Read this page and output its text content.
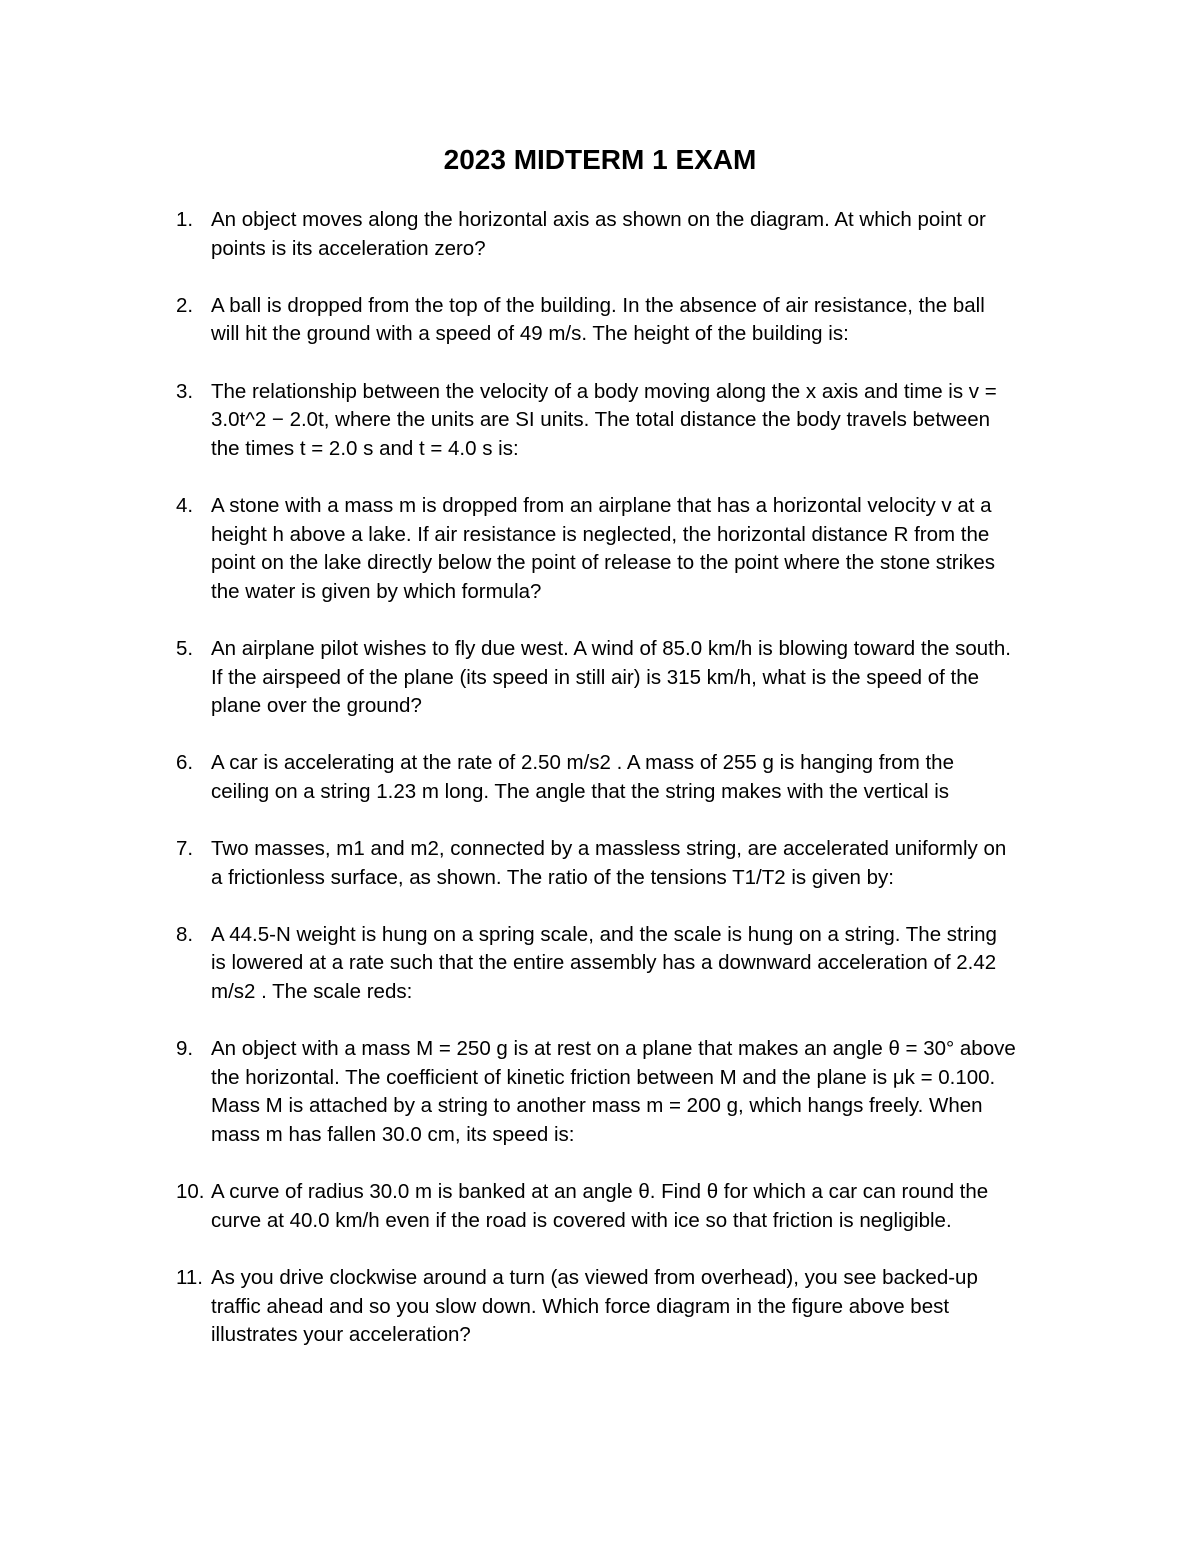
2023 MIDTERM 1 EXAM
1. An object moves along the horizontal axis as shown on the diagram. At which point or
points is its acceleration zero?
2. A ball is dropped from the top of the building. In the absence of air resistance, the ball
will hit the ground with a speed of 49 m/s. The height of the building is:
3. The relationship between the velocity of a body moving along the x axis and time is v =
3.0t^2 − 2.0t, where the units are SI units. The total distance the body travels between
the times t = 2.0 s and t = 4.0 s is:
4. A stone with a mass m is dropped from an airplane that has a horizontal velocity v at a
height h above a lake. If air resistance is neglected, the horizontal distance R from the
point on the lake directly below the point of release to the point where the stone strikes
the water is given by which formula?
5. An airplane pilot wishes to fly due west. A wind of 85.0 km/h is blowing toward the south.
If the airspeed of the plane (its speed in still air) is 315 km/h, what is the speed of the
plane over the ground?
6. A car is accelerating at the rate of 2.50 m/s2 . A mass of 255 g is hanging from the
ceiling on a string 1.23 m long. The angle that the string makes with the vertical is
7. Two masses, m1 and m2, connected by a massless string, are accelerated uniformly on
a frictionless surface, as shown. The ratio of the tensions T1/T2 is given by:
8. A 44.5-N weight is hung on a spring scale, and the scale is hung on a string. The string
is lowered at a rate such that the entire assembly has a downward acceleration of 2.42
m/s2 . The scale reds:
9. An object with a mass M = 250 g is at rest on a plane that makes an angle θ = 30° above
the horizontal. The coefficient of kinetic friction between M and the plane is μk = 0.100.
Mass M is attached by a string to another mass m = 200 g, which hangs freely. When
mass m has fallen 30.0 cm, its speed is:
10. A curve of radius 30.0 m is banked at an angle θ. Find θ for which a car can round the
curve at 40.0 km/h even if the road is covered with ice so that friction is negligible.
11. As you drive clockwise around a turn (as viewed from overhead), you see backed-up
traffic ahead and so you slow down. Which force diagram in the figure above best
illustrates your acceleration?
